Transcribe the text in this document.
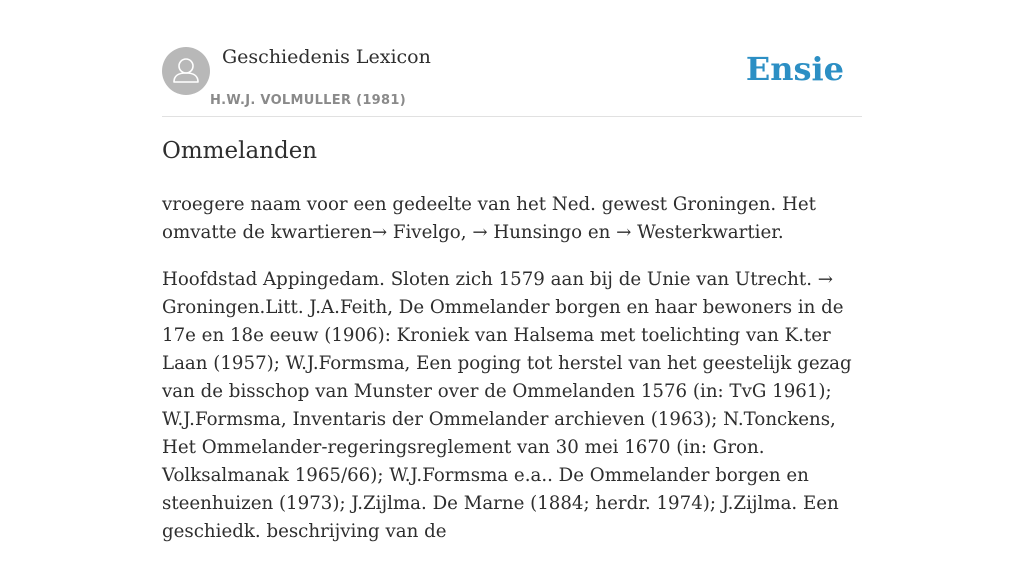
Geschiedenis Lexicon
H.W.J. VOLMULLER (1981)
Ensie
Ommelanden

vroegere naam voor een gedeelte van het Ned. gewest Groningen. Het omvatte de kwartieren→ Fivelgo, → Hunsingo en → Westerkwartier.

Hoofdstad Appingedam. Sloten zich 1579 aan bij de Unie van Utrecht. → Groningen.Litt. J.A.Feith, De Ommelander borgen en haar bewoners in de 17e en 18e eeuw (1906): Kroniek van Halsema met toelichting van K.ter Laan (1957); W.J.Formsma, Een poging tot herstel van het geestelijk gezag van de bisschop van Munster over de Ommelanden 1576 (in: TvG 1961); W.J.Formsma, Inventaris der Ommelander archieven (1963); N.Tonckens, Het Ommelander-regeringsreglement van 30 mei 1670 (in: Gron. Volksalmanak 1965/66); W.J.Formsma e.a.. De Ommelander borgen en steenhuizen (1973); J.Zijlma. De Marne (1884; herdr. 1974); J.Zijlma. Een geschiedk. beschrijving van de
